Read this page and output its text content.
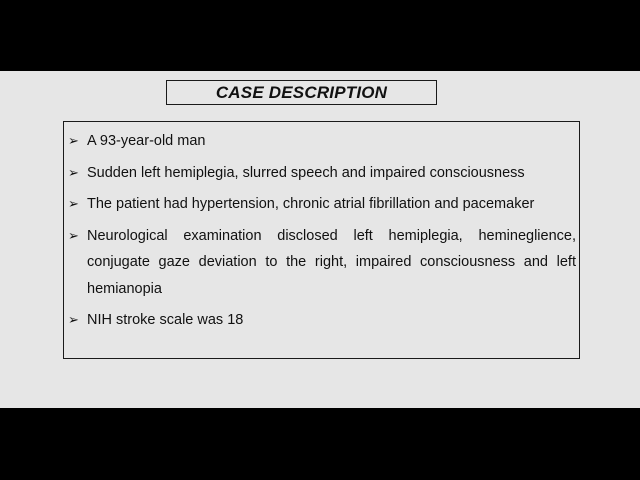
CASE DESCRIPTION
➢ A 93-year-old man
➢ Sudden left hemiplegia, slurred speech and impaired consciousness
➢ The patient had hypertension, chronic atrial fibrillation and pacemaker
➢ Neurological examination disclosed left hemiplegia, hemineglience, conjugate gaze deviation to the right, impaired consciousness and left hemianopia
➢ NIH stroke scale was 18
